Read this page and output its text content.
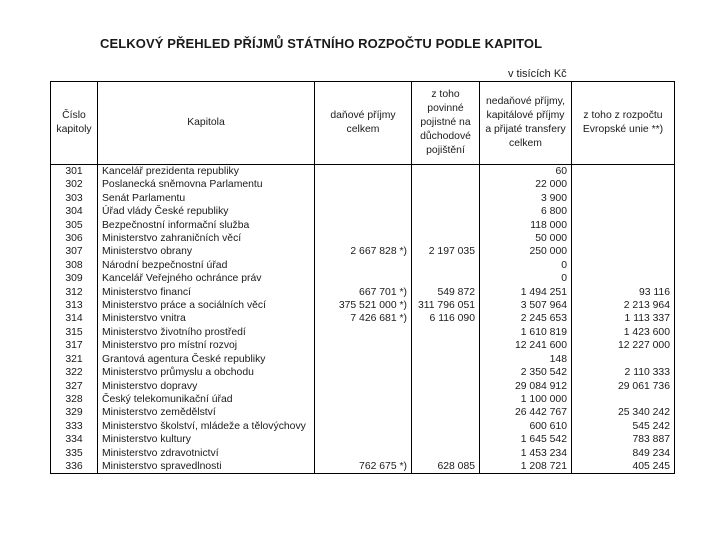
CELKOVÝ PŘEHLED PŘÍJMŮ STÁTNÍHO ROZPOČTU PODLE KAPITOL
v tisících Kč
Číslo kapitoly	Kapitola	daňové příjmy celkem	z toho povinné pojistné na důchodové pojištění	nedaňové příjmy, kapitálové příjmy a přijaté transfery celkem	z toho z rozpočtu Evropské unie **)
301	Kancelář prezidenta republiky			60	
302	Poslanecká sněmovna Parlamentu			22 000	
303	Senát Parlamentu			3 900	
304	Úřad vlády České republiky			6 800	
305	Bezpečnostní informační služba			118 000	
306	Ministerstvo zahraničních věcí			50 000	
307	Ministerstvo obrany	2 667 828 *)	2 197 035	250 000	
308	Národní bezpečnostní úřad			0	
309	Kancelář Veřejného ochránce práv			0	
312	Ministerstvo financí	667 701 *)	549 872	1 494 251	93 116
313	Ministerstvo práce a sociálních věcí	375 521 000 *)	311 796 051	3 507 964	2 213 964
314	Ministerstvo vnitra	7 426 681 *)	6 116 090	2 245 653	1 113 337
315	Ministerstvo životního prostředí			1 610 819	1 423 600
317	Ministerstvo pro místní rozvoj			12 241 600	12 227 000
321	Grantová agentura České republiky			148	
322	Ministerstvo průmyslu a obchodu			2 350 542	2 110 333
327	Ministerstvo dopravy			29 084 912	29 061 736
328	Český telekomunikační úřad			1 100 000	
329	Ministerstvo zemědělství			26 442 767	25 340 242
333	Ministerstvo školství, mládeže a tělovýchovy			600 610	545 242
334	Ministerstvo kultury			1 645 542	783 887
335	Ministerstvo zdravotnictví			1 453 234	849 234
336	Ministerstvo spravedlnosti	762 675 *)	628 085	1 208 721	405 245
